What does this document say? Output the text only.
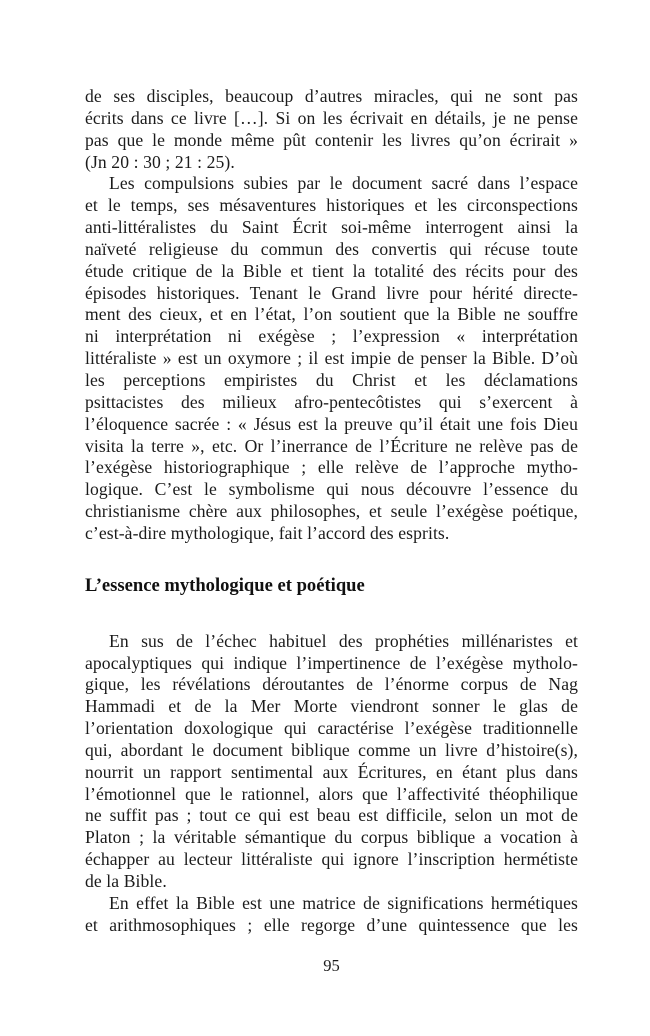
de ses disciples, beaucoup d’autres miracles, qui ne sont pas
écrits dans ce livre […]. Si on les écrivait en détails, je ne pense
pas que le monde même pût contenir les livres qu’on écrirait »
(Jn 20 : 30 ; 21 : 25).
Les compulsions subies par le document sacré dans l’espace
et le temps, ses mésaventures historiques et les circonspections
anti-littéralistes du Saint Écrit soi-même interrogent ainsi la
naïveté religieuse du commun des convertis qui récuse toute
étude critique de la Bible et tient la totalité des récits pour des
épisodes historiques. Tenant le Grand livre pour hérité directe-
ment des cieux, et en l’état, l’on soutient que la Bible ne souffre
ni interprétation ni exégèse ; l’expression « interprétation
littéraliste » est un oxymore ; il est impie de penser la Bible. D’où
les perceptions empiristes du Christ et les déclamations
psittacistes des milieux afro-pentecôtistes qui s’exercent à
l’éloquence sacrée : « Jésus est la preuve qu’il était une fois Dieu
visita la terre », etc. Or l’inerrance de l’Écriture ne relève pas de
l’exégèse historiographique ; elle relève de l’approche mytho-
logique. C’est le symbolisme qui nous découvre l’essence du
christianisme chère aux philosophes, et seule l’exégèse poétique,
c’est-à-dire mythologique, fait l’accord des esprits.
L’essence mythologique et poétique
En sus de l’échec habituel des prophéties millénaristes et
apocalyptiques qui indique l’impertinence de l’exégèse mytholo-
gique, les révélations déroutantes de l’énorme corpus de Nag
Hammadi et de la Mer Morte viendront sonner le glas de
l’orientation doxologique qui caractérise l’exégèse traditionnelle
qui, abordant le document biblique comme un livre d’histoire(s),
nourrit un rapport sentimental aux Écritures, en étant plus dans
l’émotionnel que le rationnel, alors que l’affectivité théophilique
ne suffit pas ; tout ce qui est beau est difficile, selon un mot de
Platon ; la véritable sémantique du corpus biblique a vocation à
échapper au lecteur littéraliste qui ignore l’inscription hermétiste
de la Bible.
En effet la Bible est une matrice de significations hermétiques
et arithmosophiques ; elle regorge d’une quintessence que les
95
